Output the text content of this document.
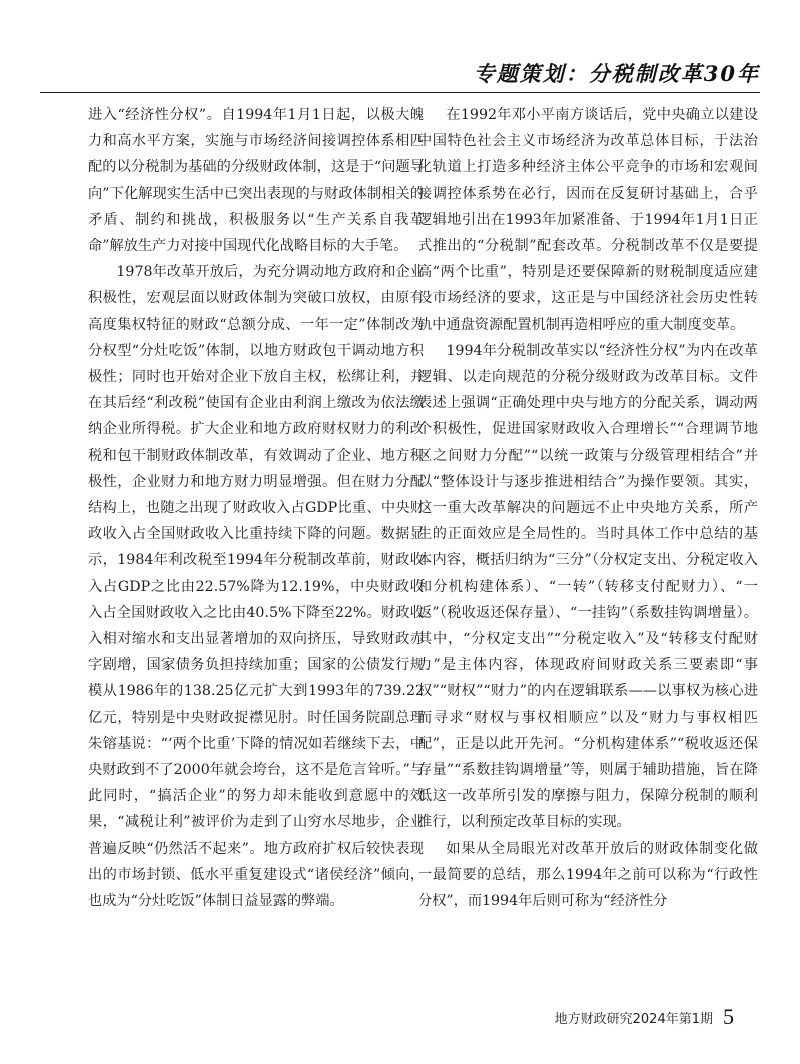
专题策划：分税制改革30年

进入“经济性分权”。自1994年1月1日起，以极大魄力和高水平方案，实施与市场经济间接调控体系相匹配的以分税制为基础的分级财政体制，这是于“问题导向”下化解现实生活中已突出表现的与财政体制相关的矛盾、制约和挑战，积极服务以“生产关系自我革命”解放生产力对接中国现代化战略目标的大手笔。

1978年改革开放后，为充分调动地方政府和企业积极性，宏观层面以财政体制为突破口放权，由原有高度集权特征的财政“总额分成、一年一定”体制改为分权型“分灶吃饭”体制，以地方财政包干调动地方积极性；同时也开始对企业下放自主权，松绑让利，并在其后经“利改税”使国有企业由利润上缴改为依法缴纳企业所得税。扩大企业和地方政府财权财力的利改税和包干制财政体制改革，有效调动了企业、地方积极性，企业财力和地方财力明显增强。但在财力分配结构上，也随之出现了财政收入占GDP比重、中央财政收入占全国财政收入比重持续下降的问题。数据显示，1984年利改税至1994年分税制改革前，财政收入占GDP之比由22.57%降为12.19%，中央财政收入占全国财政收入之比由40.5%下降至22%。财政收入相对缩水和支出显著增加的双向挤压，导致财政赤字剧增，国家债务负担持续加重；国家的公债发行规模从1986年的138.25亿元扩大到1993年的739.22亿元，特别是中央财政捉襟见肘。时任国务院副总理朱镕基说：“‘两个比重’下降的情况如若继续下去，中央财政到不了2000年就会垮台，这不是危言耸听。”与此同时，“搞活企业”的努力却未能收到意愿中的效果，“减税让利”被评价为走到了山穷水尽地步，企业普遍反映“仍然活不起来”。地方政府扩权后较快表现出的市场封锁、低水平重复建设式“诸侯经济”倾向，也成为“分灶吃饭”体制日益显露的弊端。

在1992年邓小平南方谈话后，党中央确立以建设中国特色社会主义市场经济为改革总体目标，于法治化轨道上打造多种经济主体公平竞争的市场和宏观间接调控体系势在必行，因而在反复研讨基础上，合乎逻辑地引出在1993年加紧准备、于1994年1月1日正式推出的“分税制”配套改革。分税制改革不仅是要提高“两个比重”，特别是还要保障新的财税制度适应建设市场经济的要求，这正是与中国经济社会历史性转轨中通盘资源配置机制再造相呼应的重大制度变革。

1994年分税制改革实以“经济性分权”为内在改革逻辑、以走向规范的分税分级财政为改革目标。文件表述上强调“正确处理中央与地方的分配关系，调动两个积极性，促进国家财政收入合理增长”“合理调节地区之间财力分配”“以统一政策与分级管理相结合”并以“整体设计与逐步推进相结合”为操作要领。其实，这一重大改革解决的问题远不止中央地方关系，所产生的正面效应是全局性的。当时具体工作中总结的基本内容，概括归纳为“三分”（分权定支出、分税定收入和分机构建体系）、“一转”（转移支付配财力）、“一返”（税收返还保存量）、“一挂钩”（系数挂钩调增量）。其中，“分权定支出”“分税定收入”及“转移支付配财力”是主体内容，体现政府间财政关系三要素即“事权”“财权”“财力”的内在逻辑联系——以事权为核心进而寻求“财权与事权相顺应”以及“财力与事权相匹配”，正是以此开先河。“分机构建体系”“税收返还保存量”“系数挂钩调增量”等，则属于辅助措施，旨在降低这一改革所引发的摩擦与阻力，保障分税制的顺利推行，以利预定改革目标的实现。

如果从全局眼光对改革开放后的财政体制变化做一最简要的总结，那么1994年之前可以称为“行政性分权”，而1994年后则可称为“经济性分

地方财政研究2024年第1期 5
